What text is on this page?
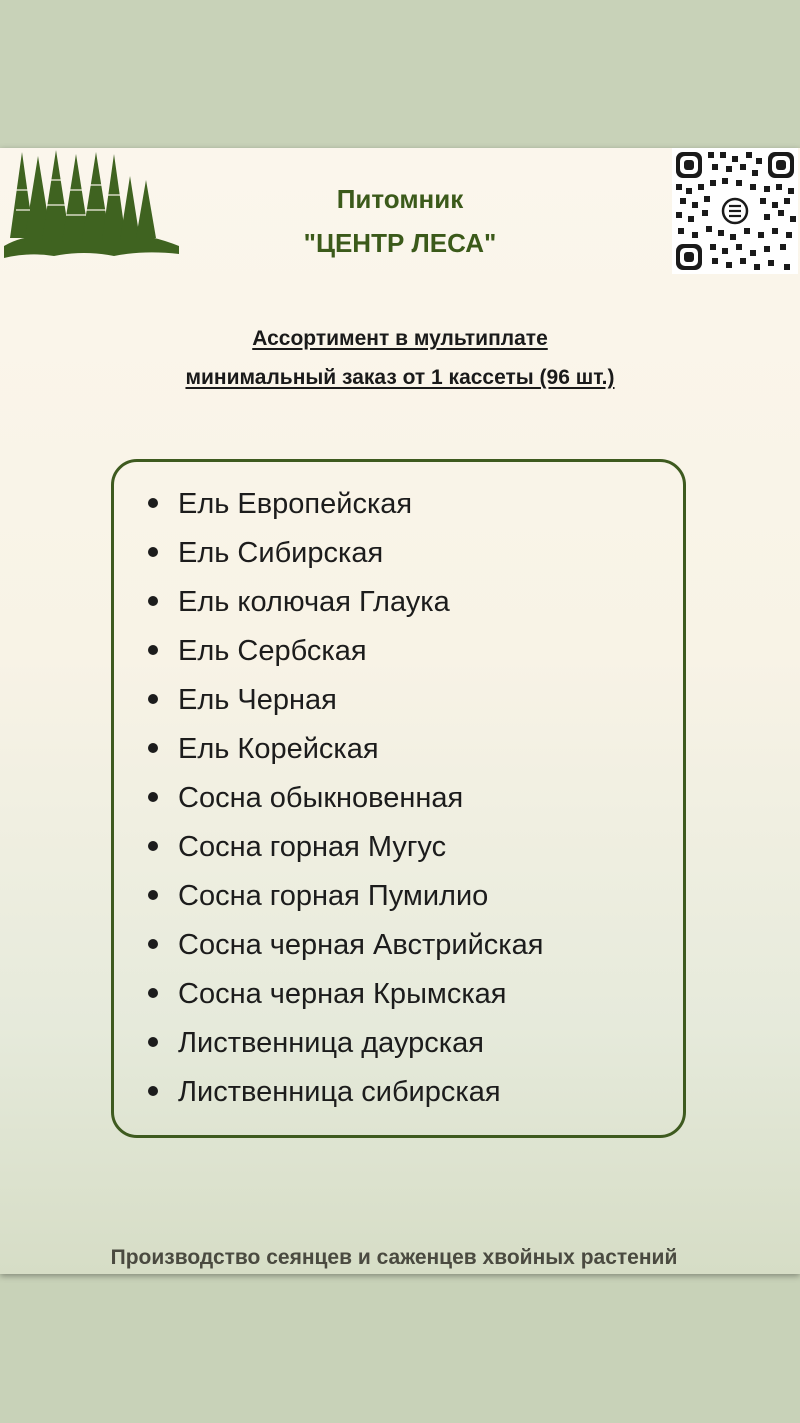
Питомник
"ЦЕНТР ЛЕСА"
Ассортимент в мультиплате
минимальный заказ от 1 кассеты (96 шт.)
Ель Европейская
Ель Сибирская
Ель колючая Глаука
Ель Сербская
Ель Черная
Ель Корейская
Сосна обыкновенная
Сосна горная Мугус
Сосна горная Пумилио
Сосна черная Австрийская
Сосна черная Крымская
Лиственница даурская
Лиственница сибирская
Производство сеянцев и саженцев хвойных растений
